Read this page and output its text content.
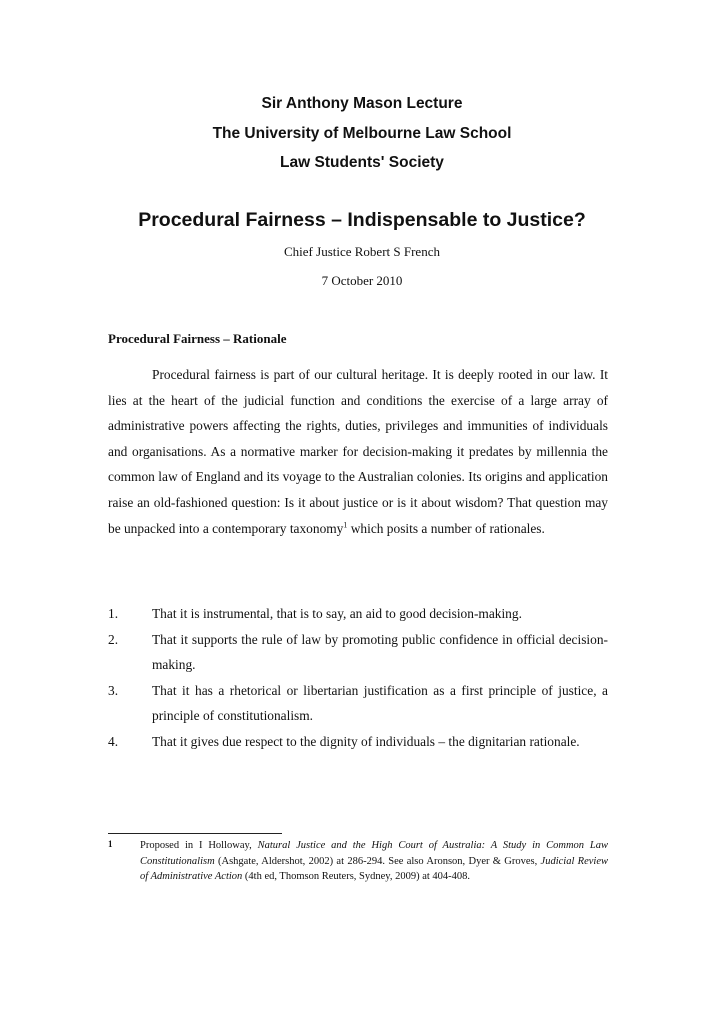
Sir Anthony Mason Lecture
The University of Melbourne Law School
Law Students' Society
Procedural Fairness – Indispensable to Justice?
Chief Justice Robert S French
7 October 2010
Procedural Fairness – Rationale
Procedural fairness is part of our cultural heritage. It is deeply rooted in our law. It lies at the heart of the judicial function and conditions the exercise of a large array of administrative powers affecting the rights, duties, privileges and immunities of individuals and organisations. As a normative marker for decision-making it predates by millennia the common law of England and its voyage to the Australian colonies. Its origins and application raise an old-fashioned question: Is it about justice or is it about wisdom? That question may be unpacked into a contemporary taxonomy$^1$ which posits a number of rationales.
1.	That it is instrumental, that is to say, an aid to good decision-making.
2.	That it supports the rule of law by promoting public confidence in official decision-making.
3.	That it has a rhetorical or libertarian justification as a first principle of justice, a principle of constitutionalism.
4.	That it gives due respect to the dignity of individuals – the dignitarian rationale.
1	Proposed in I Holloway, Natural Justice and the High Court of Australia: A Study in Common Law Constitutionalism (Ashgate, Aldershot, 2002) at 286-294. See also Aronson, Dyer & Groves, Judicial Review of Administrative Action (4th ed, Thomson Reuters, Sydney, 2009) at 404-408.
